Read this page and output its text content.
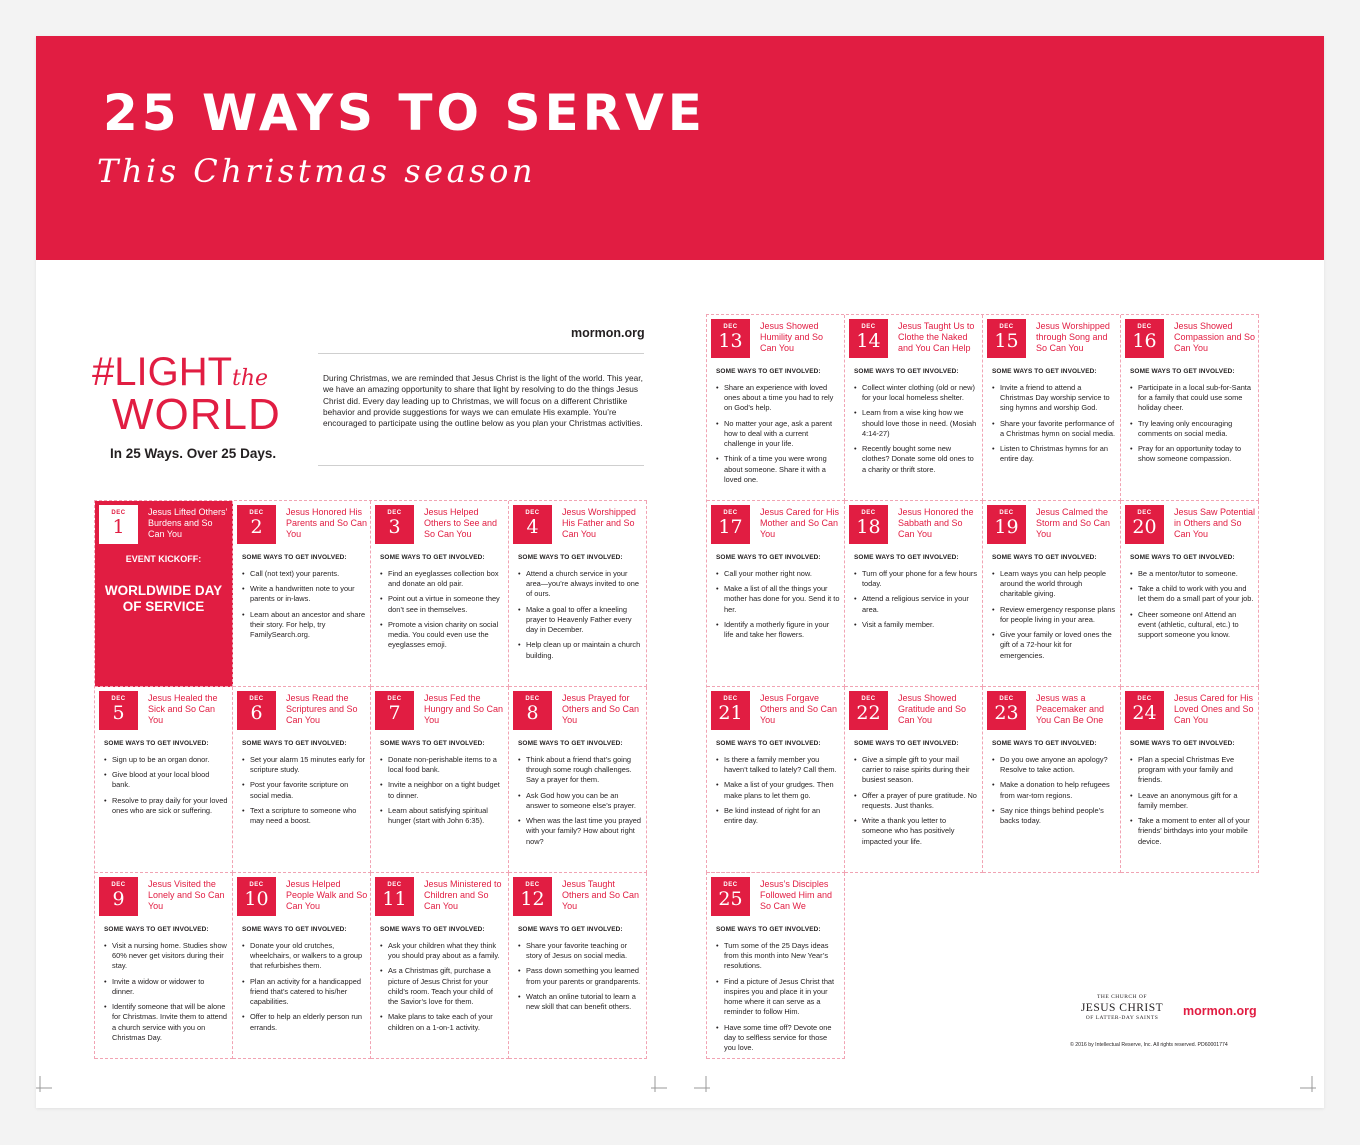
25 WAYS TO SERVE
This Christmas season
#LIGHTthe
WORLD
In 25 Ways. Over 25 Days.
mormon.org
During Christmas, we are reminded that Jesus Christ is the light of the world. This year, we have an amazing opportunity to share that light by resolving to do the things Jesus Christ did. Every day leading up to Christmas, we will focus on a different Christlike behavior and provide suggestions for ways we can emulate His example. You’re encouraged to participate using the outline below as you plan your Christmas activities.
DEC
1
Jesus Lifted Others’ Burdens and So Can You
EVENT KICKOFF:
WORLDWIDE DAY OF SERVICE
DEC
2
Jesus Honored His Parents and So Can You
SOME WAYS TO GET INVOLVED:
• Call (not text) your parents.
• Write a handwritten note to your parents or in-laws.
• Learn about an ancestor and share their story. For help, try FamilySearch.org.
DEC
3
Jesus Helped Others to See and So Can You
SOME WAYS TO GET INVOLVED:
• Find an eyeglasses collection box and donate an old pair.
• Point out a virtue in someone they don’t see in themselves.
• Promote a vision charity on social media. You could even use the eyeglasses emoji.
DEC
4
Jesus Worshipped His Father and So Can You
SOME WAYS TO GET INVOLVED:
• Attend a church service in your area—you’re always invited to one of ours.
• Make a goal to offer a kneeling prayer to Heavenly Father every day in December.
• Help clean up or maintain a church building.
DEC
5
Jesus Healed the Sick and So Can You
SOME WAYS TO GET INVOLVED:
• Sign up to be an organ donor.
• Give blood at your local blood bank.
• Resolve to pray daily for your loved ones who are sick or suffering.
DEC
6
Jesus Read the Scriptures and So Can You
SOME WAYS TO GET INVOLVED:
• Set your alarm 15 minutes early for scripture study.
• Post your favorite scripture on social media.
• Text a scripture to someone who may need a boost.
DEC
7
Jesus Fed the Hungry and So Can You
SOME WAYS TO GET INVOLVED:
• Donate non-perishable items to a local food bank.
• Invite a neighbor on a tight budget to dinner.
• Learn about satisfying spiritual hunger (start with John 6:35).
DEC
8
Jesus Prayed for Others and So Can You
SOME WAYS TO GET INVOLVED:
• Think about a friend that’s going through some rough challenges. Say a prayer for them.
• Ask God how you can be an answer to someone else’s prayer.
• When was the last time you prayed with your family? How about right now?
DEC
9
Jesus Visited the Lonely and So Can You
SOME WAYS TO GET INVOLVED:
• Visit a nursing home. Studies show 60% never get visitors during their stay.
• Invite a widow or widower to dinner.
• Identify someone that will be alone for Christmas. Invite them to attend a church service with you on Christmas Day.
DEC
10
Jesus Helped People Walk and So Can You
SOME WAYS TO GET INVOLVED:
• Donate your old crutches, wheelchairs, or walkers to a group that refurbishes them.
• Plan an activity for a handicapped friend that’s catered to his/her capabilities.
• Offer to help an elderly person run errands.
DEC
11
Jesus Ministered to Children and So Can You
SOME WAYS TO GET INVOLVED:
• Ask your children what they think you should pray about as a family.
• As a Christmas gift, purchase a picture of Jesus Christ for your child’s room. Teach your child of the Savior’s love for them.
• Make plans to take each of your children on a 1-on-1 activity.
DEC
12
Jesus Taught Others and So Can You
SOME WAYS TO GET INVOLVED:
• Share your favorite teaching or story of Jesus on social media.
• Pass down something you learned from your parents or grandparents.
• Watch an online tutorial to learn a new skill that can benefit others.
DEC
13
Jesus Showed Humility and So Can You
SOME WAYS TO GET INVOLVED:
• Share an experience with loved ones about a time you had to rely on God’s help.
• No matter your age, ask a parent how to deal with a current challenge in your life.
• Think of a time you were wrong about someone. Share it with a loved one.
DEC
14
Jesus Taught Us to Clothe the Naked and You Can Help
SOME WAYS TO GET INVOLVED:
• Collect winter clothing (old or new) for your local homeless shelter.
• Learn from a wise king how we should love those in need. (Mosiah 4:14-27)
• Recently bought some new clothes? Donate some old ones to a charity or thrift store.
DEC
15
Jesus Worshipped through Song and So Can You
SOME WAYS TO GET INVOLVED:
• Invite a friend to attend a Christmas Day worship service to sing hymns and worship God.
• Share your favorite performance of a Christmas hymn on social media.
• Listen to Christmas hymns for an entire day.
DEC
16
Jesus Showed Compassion and So Can You
SOME WAYS TO GET INVOLVED:
• Participate in a local sub-for-Santa for a family that could use some holiday cheer.
• Try leaving only encouraging comments on social media.
• Pray for an opportunity today to show someone compassion.
DEC
17
Jesus Cared for His Mother and So Can You
SOME WAYS TO GET INVOLVED:
• Call your mother right now.
• Make a list of all the things your mother has done for you. Send it to her.
• Identify a motherly figure in your life and take her flowers.
DEC
18
Jesus Honored the Sabbath and So Can You
SOME WAYS TO GET INVOLVED:
• Turn off your phone for a few hours today.
• Attend a religious service in your area.
• Visit a family member.
DEC
19
Jesus Calmed the Storm and So Can You
SOME WAYS TO GET INVOLVED:
• Learn ways you can help people around the world through charitable giving.
• Review emergency response plans for people living in your area.
• Give your family or loved ones the gift of a 72-hour kit for emergencies.
DEC
20
Jesus Saw Potential in Others and So Can You
SOME WAYS TO GET INVOLVED:
• Be a mentor/tutor to someone.
• Take a child to work with you and let them do a small part of your job.
• Cheer someone on! Attend an event (athletic, cultural, etc.) to support someone you know.
DEC
21
Jesus Forgave Others and So Can You
SOME WAYS TO GET INVOLVED:
• Is there a family member you haven’t talked to lately? Call them.
• Make a list of your grudges. Then make plans to let them go.
• Be kind instead of right for an entire day.
DEC
22
Jesus Showed Gratitude and So Can You
SOME WAYS TO GET INVOLVED:
• Give a simple gift to your mail carrier to raise spirits during their busiest season.
• Offer a prayer of pure gratitude. No requests. Just thanks.
• Write a thank you letter to someone who has positively impacted your life.
DEC
23
Jesus was a Peacemaker and You Can Be One
SOME WAYS TO GET INVOLVED:
• Do you owe anyone an apology? Resolve to take action.
• Make a donation to help refugees from war-torn regions.
• Say nice things behind people’s backs today.
DEC
24
Jesus Cared for His Loved Ones and So Can You
SOME WAYS TO GET INVOLVED:
• Plan a special Christmas Eve program with your family and friends.
• Leave an anonymous gift for a family member.
• Take a moment to enter all of your friends’ birthdays into your mobile device.
DEC
25
Jesus’s Disciples Followed Him and So Can We
SOME WAYS TO GET INVOLVED:
• Turn some of the 25 Days ideas from this month into New Year’s resolutions.
• Find a picture of Jesus Christ that inspires you and place it in your home where it can serve as a reminder to follow Him.
• Have some time off? Devote one day to selfless service for those you love.
THE CHURCH OF
JESUS CHRIST
OF LATTER-DAY SAINTS	mormon.org
© 2016 by Intellectual Reserve, Inc. All rights reserved. PD60001774
